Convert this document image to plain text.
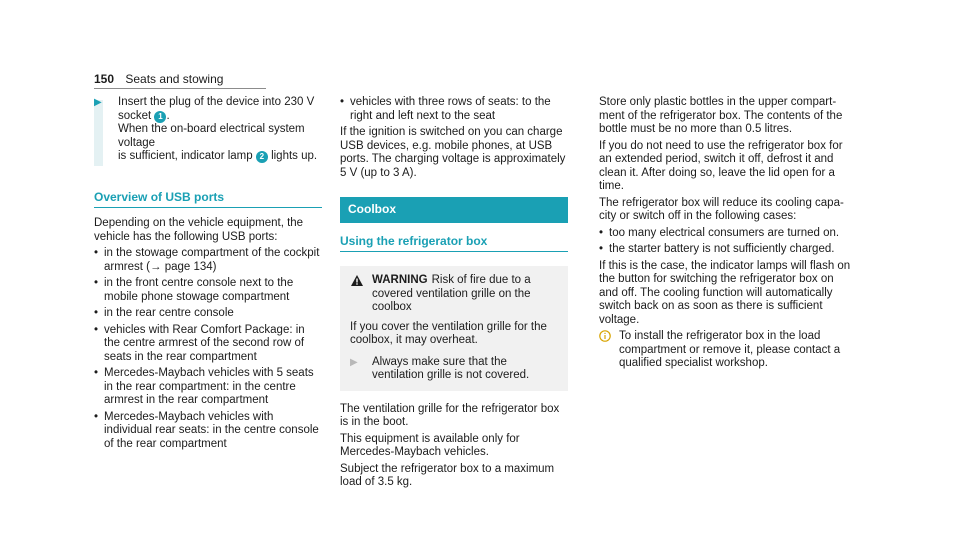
150 Seats and stowing
▶	Insert the plug of the device into 230 V
socket 1 .
When the on-board electrical system voltage
is sufficient, indicator lamp 2 lights up.
Overview of USB ports

Depending on the vehicle equipment, the vehicle has the following USB ports:

• in the stowage compartment of the cockpit armrest (→ page 134)
• in the front centre console next to the mobile phone stowage compartment
• in the rear centre console
• vehicles with Rear Comfort Package: in the centre armrest of the second row of seats in the rear compartment
• Mercedes-Maybach vehicles with 5 seats in the rear compartment: in the centre armrest in the rear compartment
• Mercedes-Maybach vehicles with individual rear seats: in the centre console of the rear compartment
• vehicles with three rows of seats: to the right and left next to the seat

If the ignition is switched on you can charge USB devices, e.g. mobile phones, at USB ports. The charging voltage is approximately 5 V (up to 3 A).

Coolbox
Using the refrigerator box
WARNING Risk of fire due to a covered ventilation grille on the coolbox

If you cover the ventilation grille for the coolbox, it may overheat.

▶	Always make sure that the ventilation grille is not covered.

The ventilation grille for the refrigerator box is in the boot.

This equipment is available only for Mercedes-Maybach vehicles.

Subject the refrigerator box to a maximum load of 3.5 kg.

Store only plastic bottles in the upper compartment of the refrigerator box. The contents of the bottle must be no more than 0.5 litres.

If you do not need to use the refrigerator box for an extended period, switch it off, defrost it and clean it. After doing so, leave the lid open for a time.

The refrigerator box will reduce its cooling capacity or switch off in the following cases:

• too many electrical consumers are turned on.
• the starter battery is not sufficiently charged.

If this is the case, the indicator lamps will flash on the button for switching the refrigerator box on and off. The cooling function will automatically switch back on as soon as there is sufficient voltage.

To install the refrigerator box in the load compartment or remove it, please contact a qualified specialist workshop.
